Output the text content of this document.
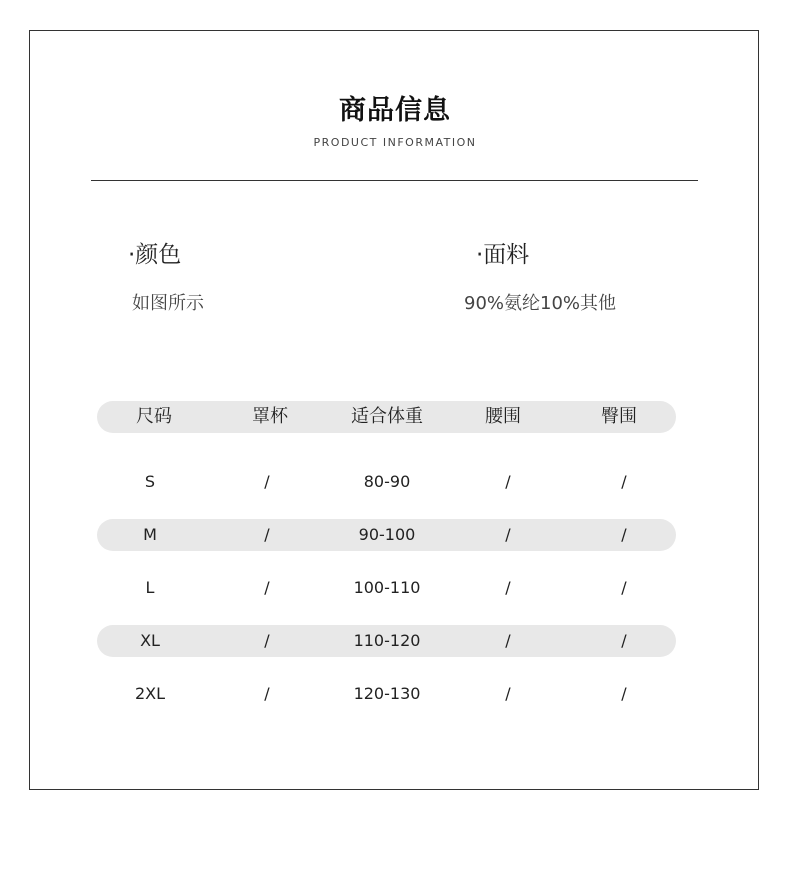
商品信息
PRODUCT INFORMATION
·颜色
如图所示
·面料
90%氨纶10%其他
尺码	罩杯	适合体重	腰围	臀围
S	/	80-90	/	/
M	/	90-100	/	/
L	/	100-110	/	/
XL	/	110-120	/	/
2XL	/	120-130	/	/
